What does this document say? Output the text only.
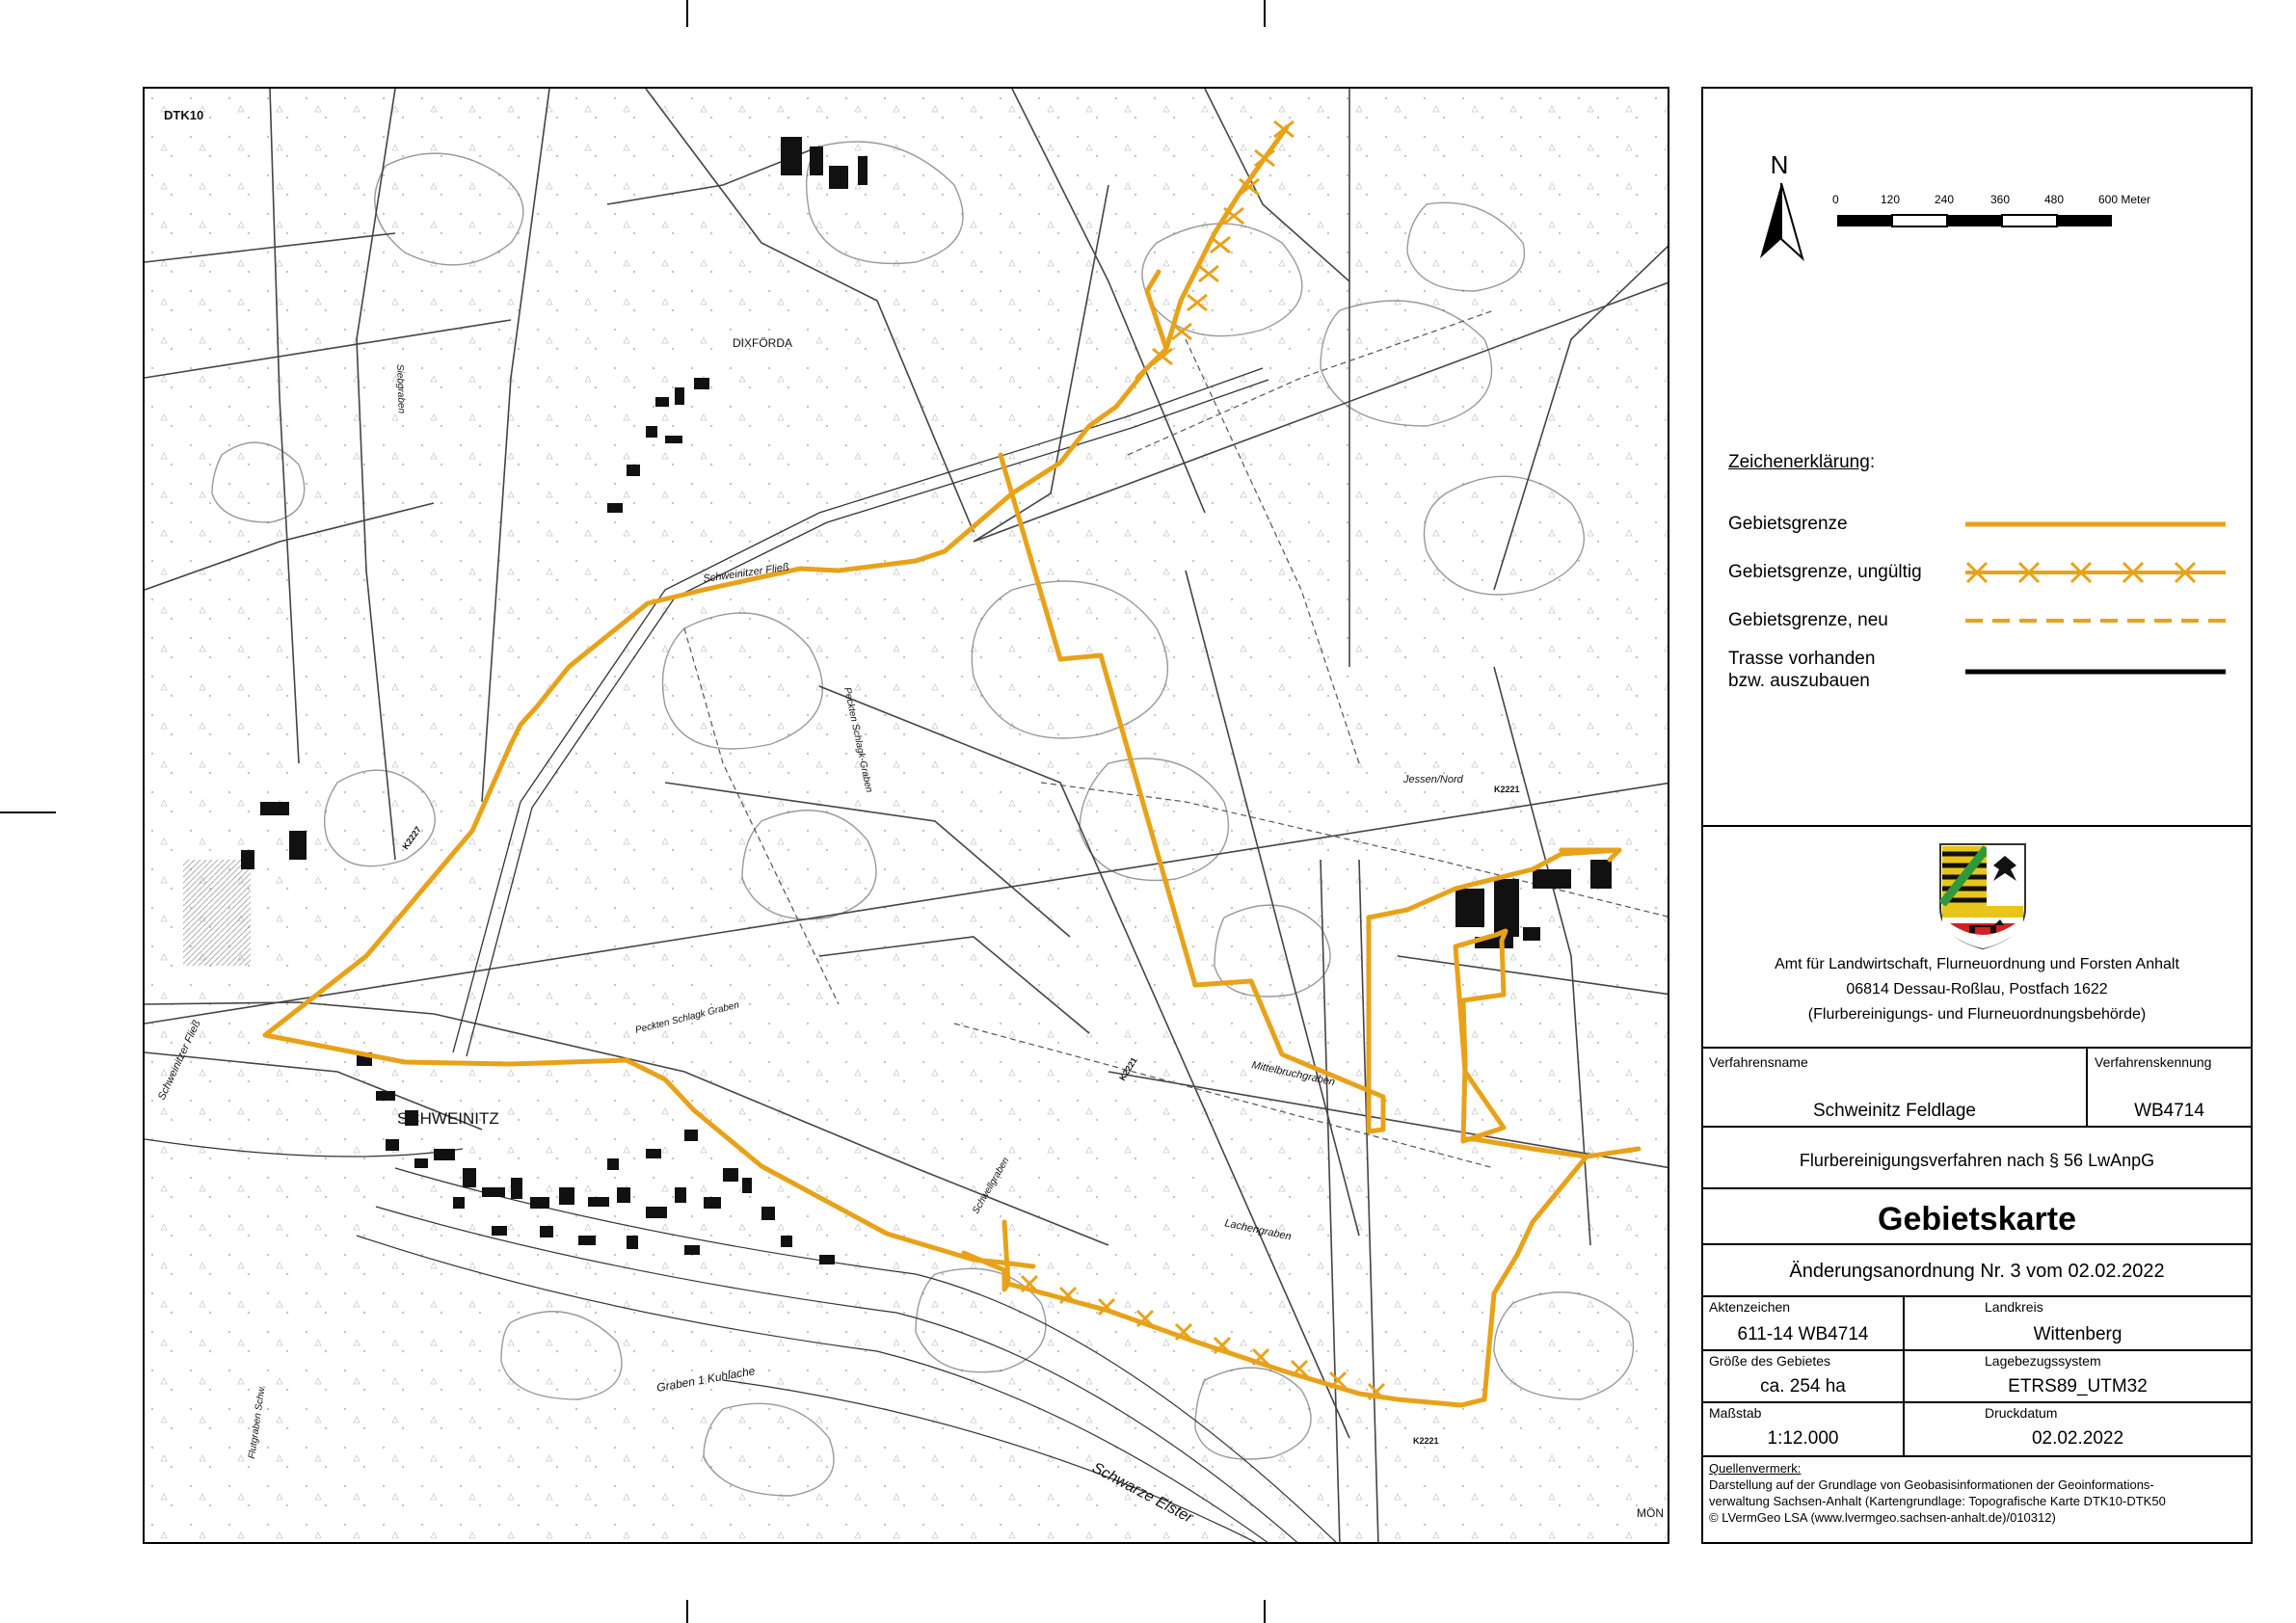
DTK10
DIXFÖRDA
SCHWEINITZ
Jessen/Nord
MÖN
Schweinitzer Fließ
Schweinitzer Fließ
Peckten Schlagk Graben
Peckten Schlagk-Graben
Schwellgraben
Mittelbruchgraben
Lachengraben
Graben 1 Kuhlache
Schwarze Elster
Siebgraben
Flutgraben Schw.
K2221
K2221
K2221
K2227
N
0	120	240	360	480	600 Meter
Zeichenerklärung:
Gebietsgrenze
Gebietsgrenze, ungültig
Gebietsgrenze, neu
Trasse vorhanden
bzw. auszubauen
Amt für Landwirtschaft, Flurneuordnung und Forsten Anhalt
06814 Dessau-Roßlau, Postfach 1622
(Flurbereinigungs- und Flurneuordnungsbehörde)
Verfahrensname
Schweinitz Feldlage
Verfahrenskennung
WB4714
Flurbereinigungsverfahren nach § 56 LwAnpG
Gebietskarte
Änderungsanordnung Nr. 3 vom 02.02.2022
Aktenzeichen
611-14 WB4714
Landkreis
Wittenberg
Größe des Gebietes
ca. 254 ha
Lagebezugssystem
ETRS89_UTM32
Maßstab
1:12.000
Druckdatum
02.02.2022
Quellenvermerk:
Darstellung auf der Grundlage von Geobasisinformationen der Geoinformations-
verwaltung Sachsen-Anhalt (Kartengrundlage: Topografische Karte DTK10-DTK50
© LVermGeo LSA (www.lvermgeo.sachsen-anhalt.de)/010312)
